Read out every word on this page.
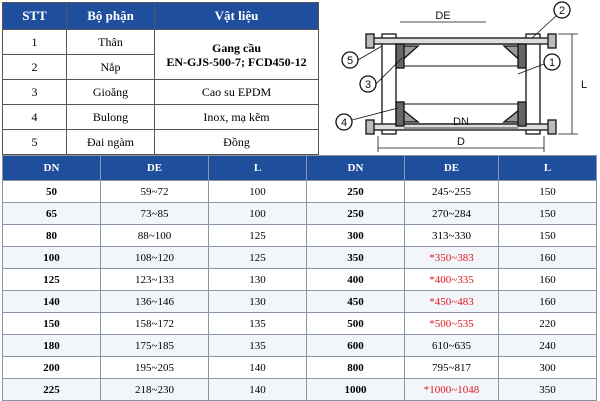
STT	Bộ phận	Vật liệu
1	Thân	Gang cầu
EN-GJS-500-7; FCD450-12

2	Nắp	
3	Gioăng	Cao su EPDM
4	Bulong	Inox, mạ kẽm
5	Đai ngàm	Đồng
DE
DN
D
L
1
2
3
4
5
DN	DE	L	DN	DE	L
50	59~72	100	250	245~255	150
65	73~85	100	250	270~284	150
80	88~100	125	300	313~330	150
100	108~120	125	350	*350~383	160
125	123~133	130	400	*400~335	160
140	136~146	130	450	*450~483	160
150	158~172	135	500	*500~535	220
180	175~185	135	600	610~635	240
200	195~205	140	800	795~817	300
225	218~230	140	1000	*1000~1048	350
